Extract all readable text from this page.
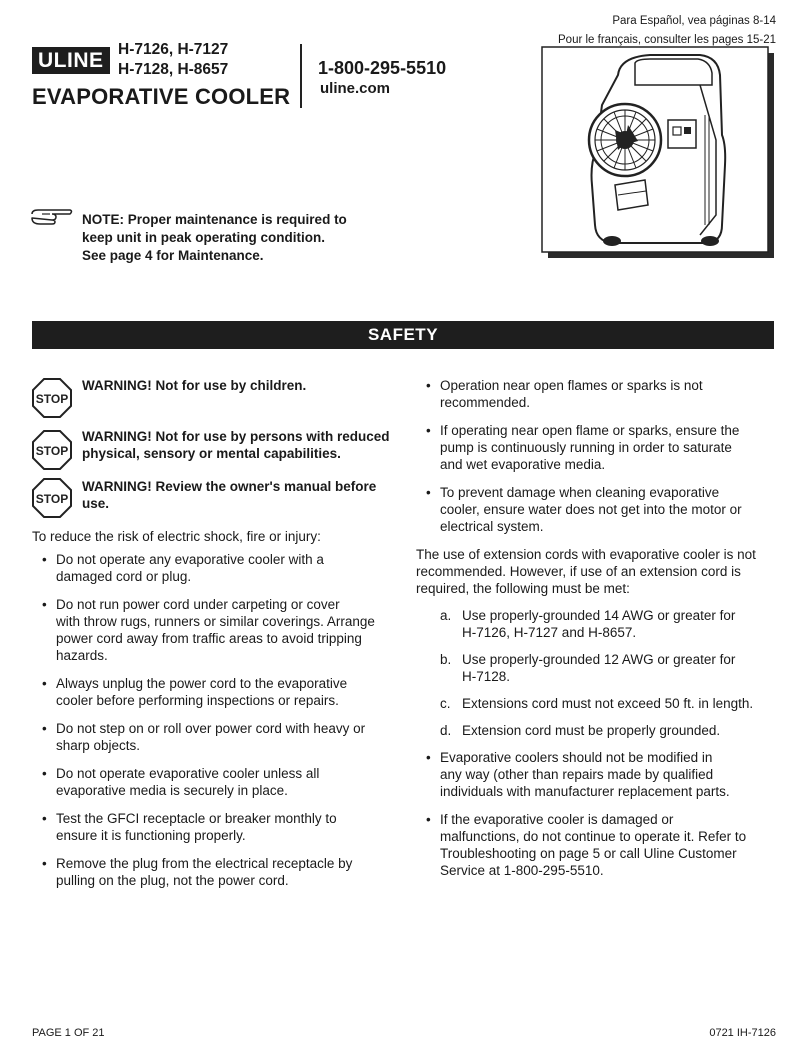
Para Español, vea páginas 8-14
Pour le français, consulter les pages 15-21
ULINE H-7126, H-7127
H-7128, H-8657
EVAPORATIVE COOLER
1-800-295-5510
uline.com
NOTE: Proper maintenance is required to
keep unit in peak operating condition.
See page 4 for Maintenance.
SAFETY
STOP
WARNING! Not for use by children.
STOP
WARNING! Not for use by persons with reduced
physical, sensory or mental capabilities.
STOP
WARNING! Review the owner's manual before
use.
To reduce the risk of electric shock, fire or injury:
• Do not operate any evaporative cooler with a
damaged cord or plug.
• Do not run power cord under carpeting or cover
with throw rugs, runners or similar coverings. Arrange
power cord away from traffic areas to avoid tripping
hazards.
• Always unplug the power cord to the evaporative
cooler before performing inspections or repairs.
• Do not step on or roll over power cord with heavy or
sharp objects.
• Do not operate evaporative cooler unless all
evaporative media is securely in place.
• Test the GFCI receptacle or breaker monthly to
ensure it is functioning properly.
• Remove the plug from the electrical receptacle by
pulling on the plug, not the power cord.
• Operation near open flames or sparks is not
recommended.
• If operating near open flame or sparks, ensure the
pump is continuously running in order to saturate
and wet evaporative media.
• To prevent damage when cleaning evaporative
cooler, ensure water does not get into the motor or
electrical system.
The use of extension cords with evaporative cooler is not
recommended. However, if use of an extension cord is
required, the following must be met:
a. Use properly-grounded 14 AWG or greater for
H-7126, H-7127 and H-8657.
b. Use properly-grounded 12 AWG or greater for
H-7128.
c. Extensions cord must not exceed 50 ft. in length.
d. Extension cord must be properly grounded.
• Evaporative coolers should not be modified in
any way (other than repairs made by qualified
individuals with manufacturer replacement parts.
• If the evaporative cooler is damaged or
malfunctions, do not continue to operate it. Refer to
Troubleshooting on page 5 or call Uline Customer
Service at 1-800-295-5510.
PAGE 1 OF 21	0721 IH-7126
